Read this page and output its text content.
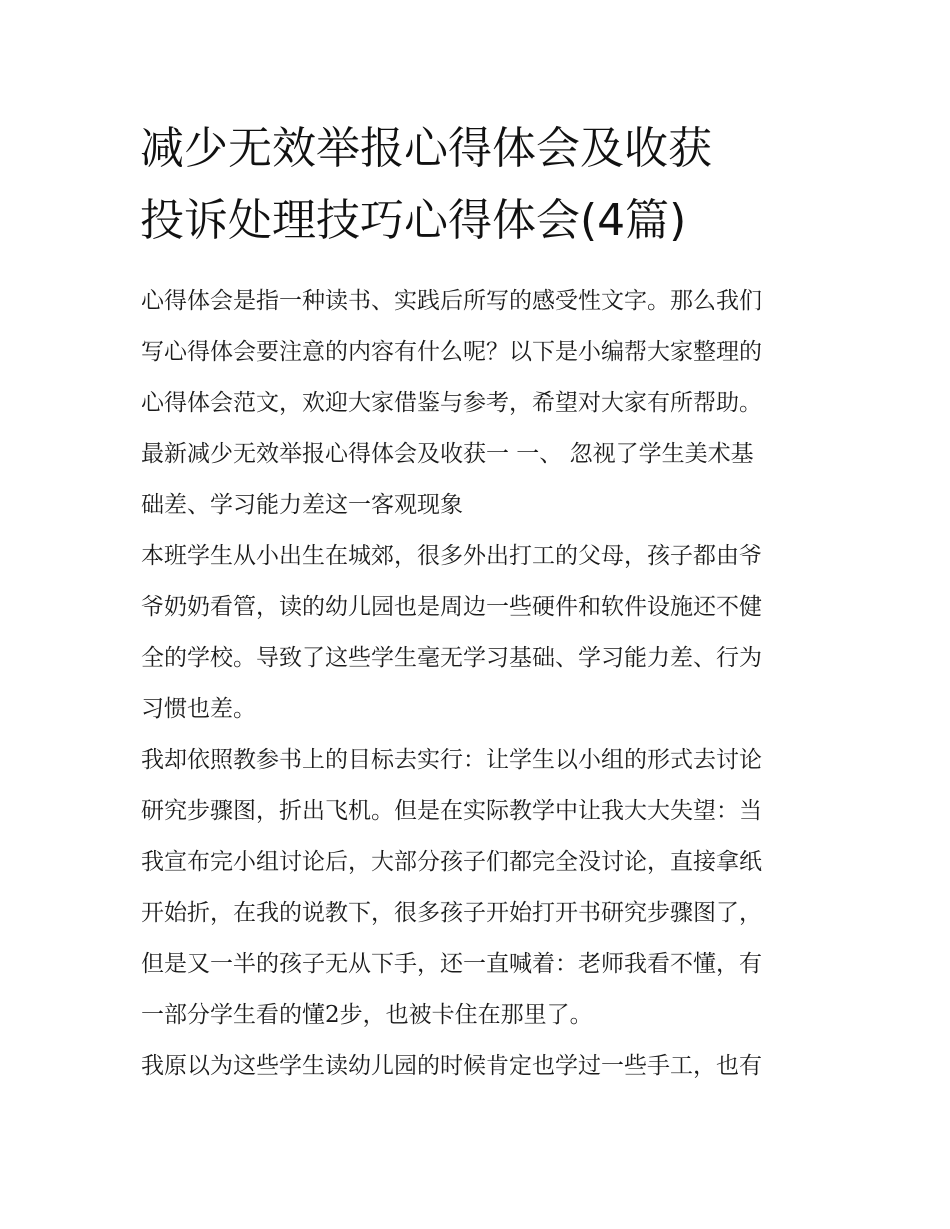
减少无效举报心得体会及收获
投诉处理技巧心得体会(4篇)
心得体会是指一种读书、实践后所写的感受性文字。那么我们
写心得体会要注意的内容有什么呢？以下是小编帮大家整理的
心得体会范文，欢迎大家借鉴与参考，希望对大家有所帮助。
最新减少无效举报心得体会及收获一 一、 忽视了学生美术基
础差、学习能力差这一客观现象
本班学生从小出生在城郊，很多外出打工的父母，孩子都由爷
爷奶奶看管，读的幼儿园也是周边一些硬件和软件设施还不健
全的学校。导致了这些学生毫无学习基础、学习能力差、行为
习惯也差。
我却依照教参书上的目标去实行：让学生以小组的形式去讨论
研究步骤图，折出飞机。但是在实际教学中让我大大失望：当
我宣布完小组讨论后，大部分孩子们都完全没讨论，直接拿纸
开始折，在我的说教下，很多孩子开始打开书研究步骤图了，
但是又一半的孩子无从下手，还一直喊着：老师我看不懂，有
一部分学生看的懂2步，也被卡住在那里了。
我原以为这些学生读幼儿园的时候肯定也学过一些手工，也有
